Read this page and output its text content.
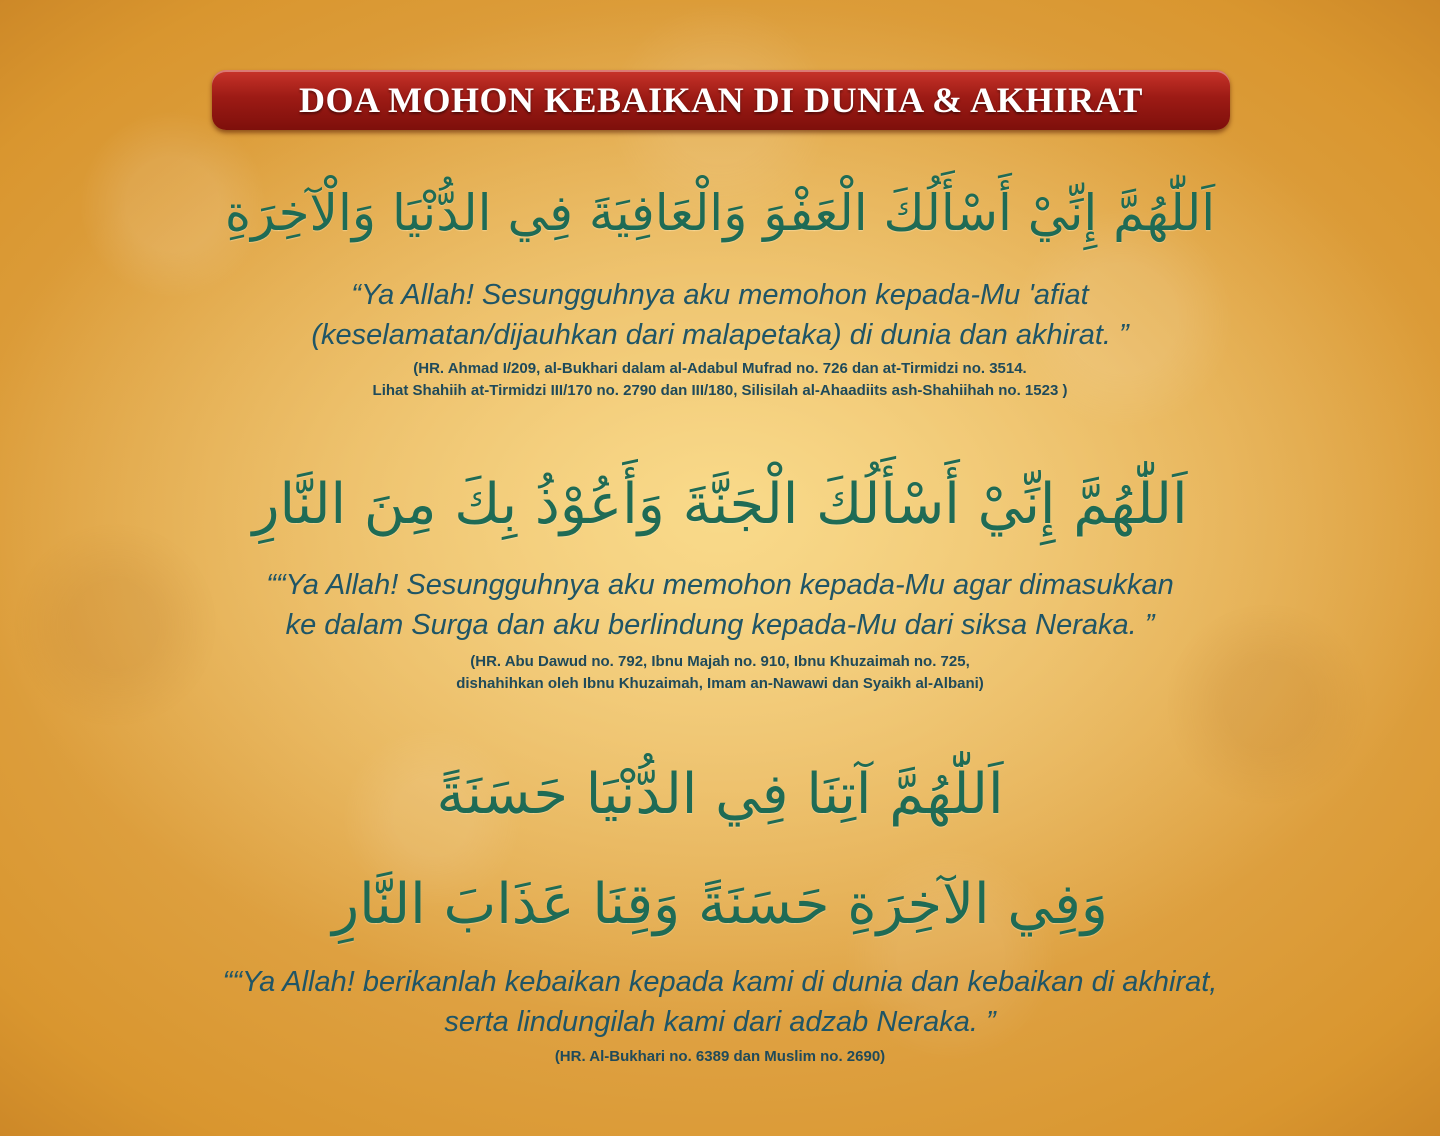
DOA MOHON KEBAIKAN DI DUNIA & AKHIRAT
اَللّٰهُمَّ إِنِّيْ أَسْأَلُكَ الْعَفْوَ وَالْعَافِيَةَ فِي الدُّنْيَا وَالْآخِرَةِ

“Ya Allah! Sesungguhnya aku memohon kepada-Mu 'afiat
(keselamatan/dijauhkan dari malapetaka) di dunia dan akhirat. ”

(HR. Ahmad I/209, al-Bukhari dalam al-Adabul Mufrad no. 726 dan at-Tirmidzi no. 3514.
Lihat Shahiih at-Tirmidzi III/170 no. 2790 dan III/180, Silisilah al-Ahaadiits ash-Shahiihah no. 1523 )

اَللّٰهُمَّ إِنِّيْ أَسْأَلُكَ الْجَنَّةَ وَأَعُوْذُ بِكَ مِنَ النَّارِ

““Ya Allah! Sesungguhnya aku memohon kepada-Mu agar dimasukkan
ke dalam Surga dan aku berlindung kepada-Mu dari siksa Neraka. ”

(HR. Abu Dawud no. 792, Ibnu Majah no. 910, Ibnu Khuzaimah no. 725,
dishahihkan oleh Ibnu Khuzaimah, Imam an-Nawawi dan Syaikh al-Albani)

اَللّٰهُمَّ آتِنَا فِي الدُّنْيَا حَسَنَةً
وَفِي الآخِرَةِ حَسَنَةً وَقِنَا عَذَابَ النَّارِ

““Ya Allah! berikanlah kebaikan kepada kami di dunia dan kebaikan di akhirat,
serta lindungilah kami dari adzab Neraka. ”

(HR. Al-Bukhari no. 6389 dan Muslim no. 2690)
